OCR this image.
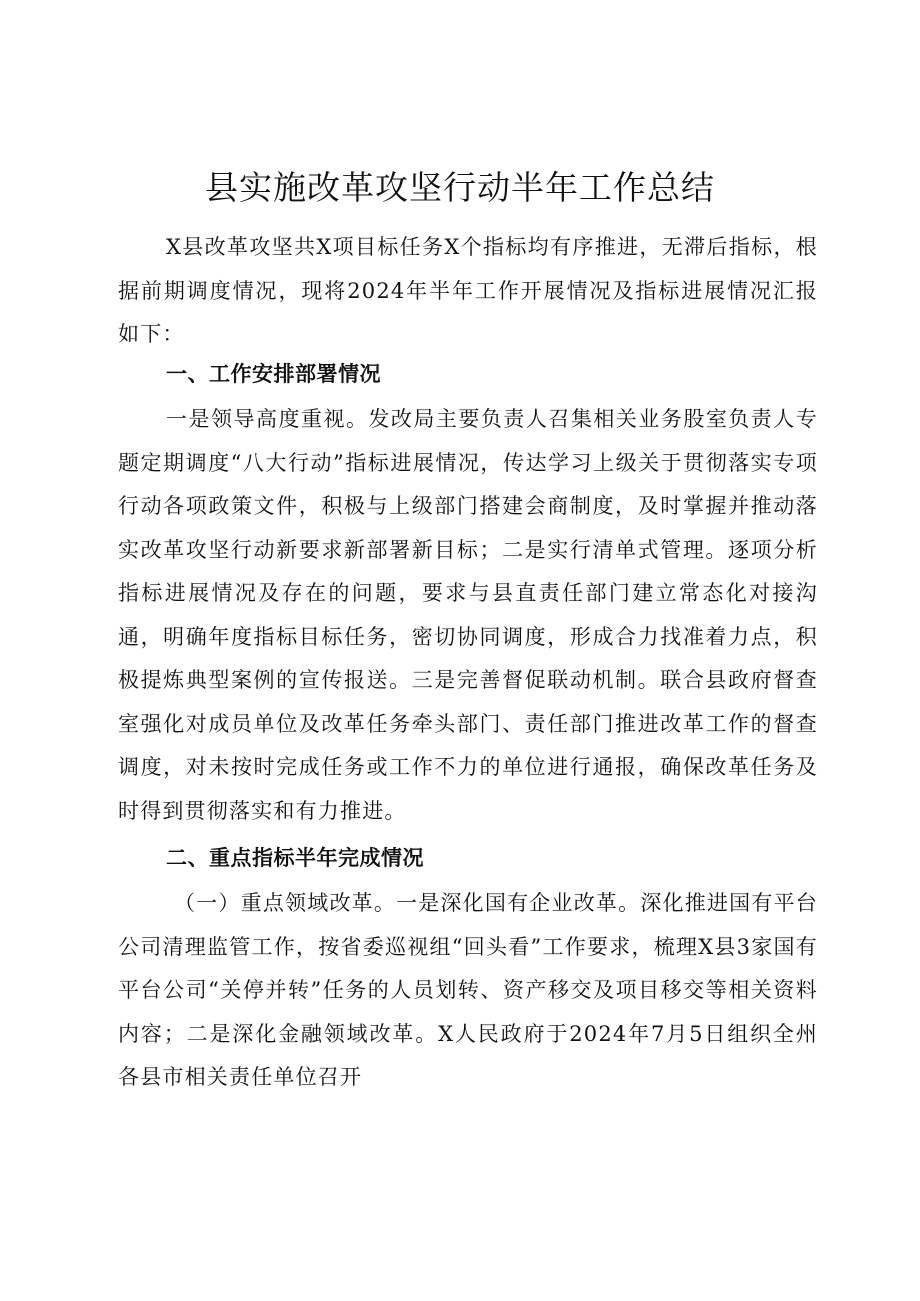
县实施改革攻坚行动半年工作总结

X县改革攻坚共X项目标任务X个指标均有序推进，无滞后指标，根据前期调度情况，现将2024年半年工作开展情况及指标进展情况汇报如下：

一、工作安排部署情况

一是领导高度重视。发改局主要负责人召集相关业务股室负责人专题定期调度“八大行动”指标进展情况，传达学习上级关于贯彻落实专项行动各项政策文件，积极与上级部门搭建会商制度，及时掌握并推动落实改革攻坚行动新要求新部署新目标；二是实行清单式管理。逐项分析指标进展情况及存在的问题，要求与县直责任部门建立常态化对接沟通，明确年度指标目标任务，密切协同调度，形成合力找准着力点，积极提炼典型案例的宣传报送。三是完善督促联动机制。联合县政府督查室强化对成员单位及改革任务牵头部门、责任部门推进改革工作的督查调度，对未按时完成任务或工作不力的单位进行通报，确保改革任务及时得到贯彻落实和有力推进。

二、重点指标半年完成情况

（一）重点领域改革。一是深化国有企业改革。深化推进国有平台公司清理监管工作，按省委巡视组“回头看”工作要求，梳理X县3家国有平台公司“关停并转”任务的人员划转、资产移交及项目移交等相关资料内容；二是深化金融领域改革。X人民政府于2024年7月5日组织全州各县市相关责任单位召开
